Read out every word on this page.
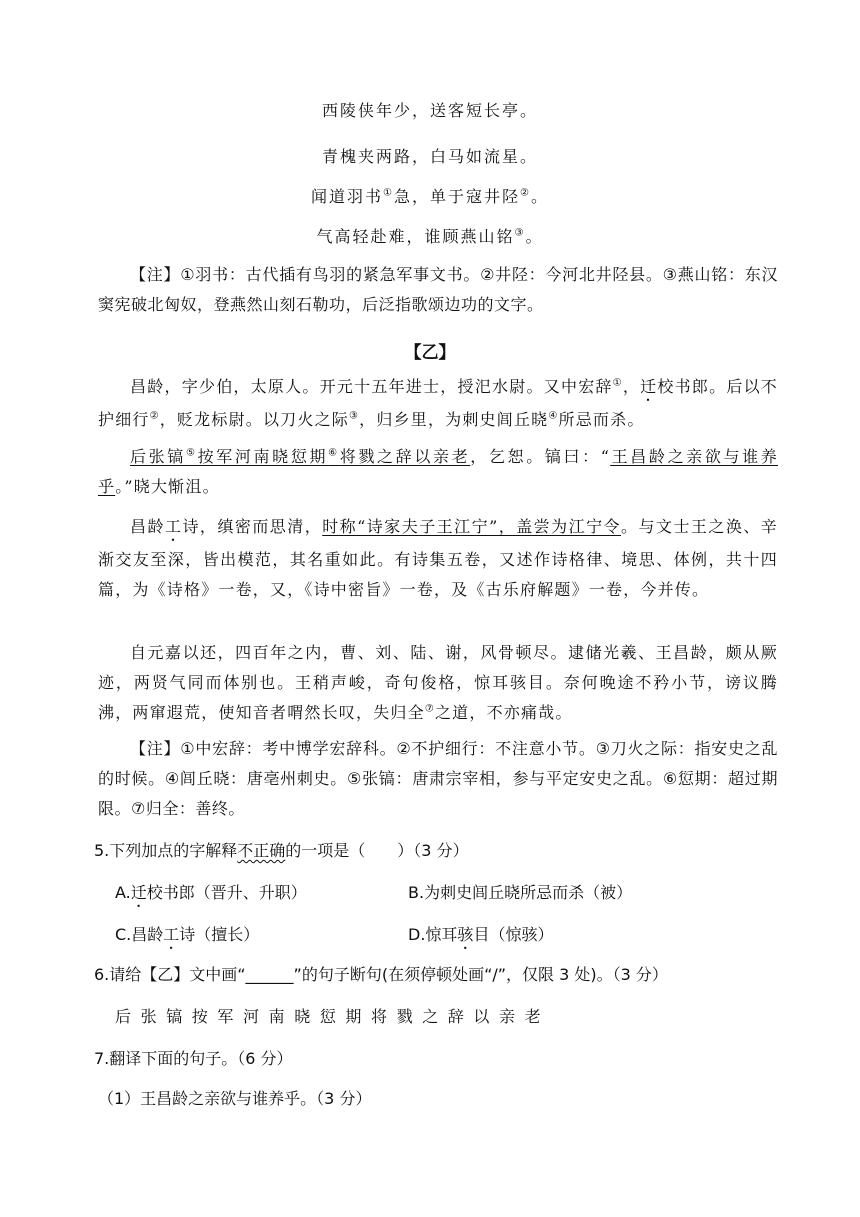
西陵侠年少，送客短长亭。
青槐夹两路，白马如流星。
闻道羽书①急，单于寇井陉②。
气高轻赴难，谁顾燕山铭③。
【注】①羽书：古代插有鸟羽的紧急军事文书。②井陉：今河北井陉县。③燕山铭：东汉窦宪破北匈奴，登燕然山刻石勒功，后泛指歌颂边功的文字。
【乙】
昌龄，字少伯，太原人。开元十五年进士，授汜水尉。又中宏辞①，迁校书郎。后以不护细行②，贬龙标尉。以刀火之际③，归乡里，为刺史闾丘晓④所忌而杀。
后张镐⑤按军河南晓愆期⑥将戮之辞以亲老，乞恕。镐曰：“王昌龄之亲欲与谁养乎。”晓大惭沮。
昌龄工诗，缜密而思清，时称“诗家夫子王江宁”，盖尝为江宁令。与文士王之涣、辛渐交友至深，皆出模范，其名重如此。有诗集五卷，又述作诗格律、境思、体例，共十四篇，为《诗格》一卷，又，《诗中密旨》一卷，及《古乐府解题》一卷，今并传。
自元嘉以还，四百年之内，曹、刘、陆、谢，风骨顿尽。逮储光羲、王昌龄，颇从厥迹，两贤气同而体别也。王稍声峻，奇句俊格，惊耳骇目。奈何晚途不矜小节，谤议腾沸，两窜遐荒，使知音者喟然长叹，失归全⑦之道，不亦痛哉。
【注】①中宏辞：考中博学宏辞科。②不护细行：不注意小节。③刀火之际：指安史之乱的时候。④闾丘晓：唐亳州刺史。⑤张镐：唐肃宗宰相，参与平定安史之乱。⑥愆期：超过期限。⑦归全：善终。
5.下列加点的字解释不正确的一项是（　　）（3 分）
A.迁校书郎（晋升、升职）	B.为刺史闾丘晓所忌而杀（被）
C.昌龄工诗（擅长）	D.惊耳骇目（惊骇）
6.请给【乙】文中画“______”的句子断句(在须停顿处画“/”，仅限 3 处)。（3 分）
后张镐按军河南晓愆期将戮之辞以亲老
7.翻译下面的句子。（6 分）
（1）王昌龄之亲欲与谁养乎。（3 分）
